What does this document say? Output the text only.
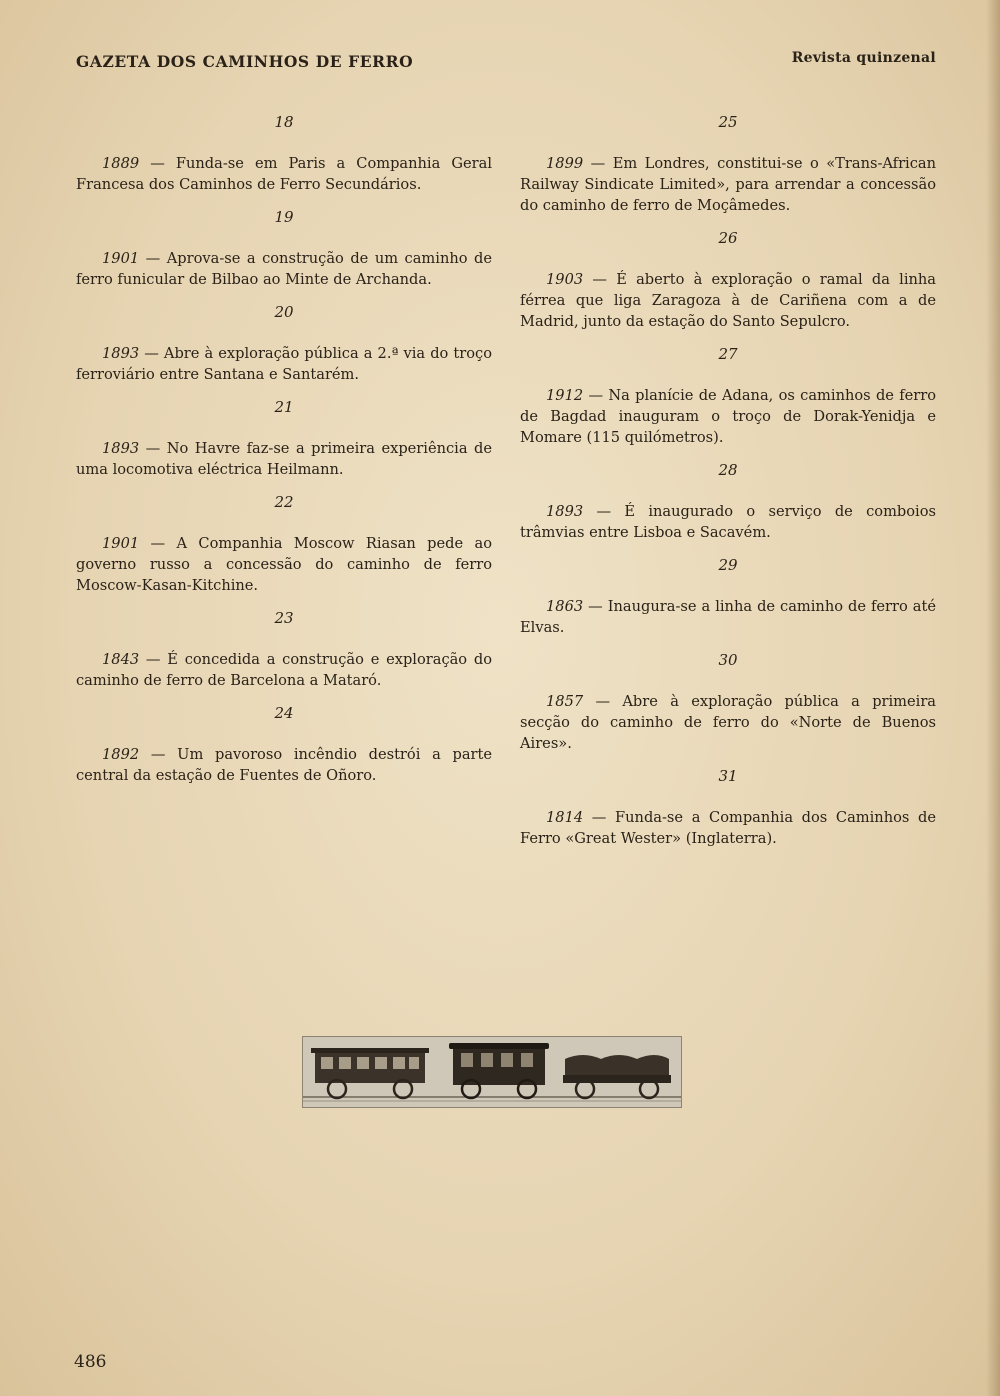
GAZETA DOS CAMINHOS DE FERRO	Revista quinzenal
18

1889 — Funda-se em Paris a Companhia Geral Francesa dos Caminhos de Ferro Secundários.

19

1901 — Aprova-se a construção de um caminho de ferro funicular de Bilbao ao Minte de Archanda.

20

1893 — Abre à exploração pública a 2.ª via do troço ferroviário entre Santana e Santarém.

21

1893 — No Havre faz-se a primeira experiência de uma locomotiva eléctrica Heilmann.

22

1901 — A Companhia Moscow Riasan pede ao governo russo a concessão do caminho de ferro Moscow-Kasan-Kitchine.

23

1843 — É concedida a construção e exploração do caminho de ferro de Barcelona a Mataró.

24

1892 — Um pavoroso incêndio destrói a parte central da estação de Fuentes de Oñoro.

25

1899 — Em Londres, constitui-se o «Trans-African Railway Sindicate Limited», para arrendar a concessão do caminho de ferro de Moçâmedes.

26

1903 — É aberto à exploração o ramal da linha férrea que liga Zaragoza à de Cariñena com a de Madrid, junto da estação do Santo Sepulcro.

27

1912 — Na planície de Adana, os caminhos de ferro de Bagdad inauguram o troço de Dorak-Yenidja e Momare (115 quilómetros).

28

1893 — É inaugurado o serviço de comboios trâmvias entre Lisboa e Sacavém.

29

1863 — Inaugura-se a linha de caminho de ferro até Elvas.

30

1857 — Abre à exploração pública a primeira secção do caminho de ferro do «Norte de Buenos Aires».

31

1814 — Funda-se a Companhia dos Caminhos de Ferro «Great Wester» (Inglaterra).

486
